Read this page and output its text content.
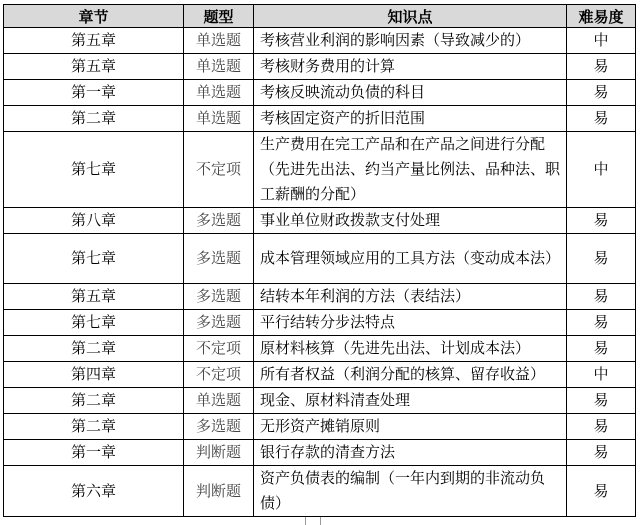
章节	题型	知识点	难易度
第五章	单选题	考核营业利润的影响因素（导致减少的）	中
第五章	单选题	考核财务费用的计算	易
第一章	单选题	考核反映流动负债的科目	易
第二章	单选题	考核固定资产的折旧范围	易
第七章	不定项	生产费用在完工产品和在产品之间进行分配（先进先出法、约当产量比例法、品种法、职工薪酬的分配）	中
第八章	多选题	事业单位财政拨款支付处理	易
第七章	多选题	成本管理领域应用的工具方法（变动成本法）	易
第五章	多选题	结转本年利润的方法（表结法）	易
第七章	多选题	平行结转分步法特点	易
第二章	不定项	原材料核算（先进先出法、计划成本法）	易
第四章	不定项	所有者权益（利润分配的核算、留存收益）	中
第二章	单选题	现金、原材料清查处理	易
第二章	多选题	无形资产摊销原则	易
第一章	判断题	银行存款的清查方法	易
第六章	判断题	资产负债表的编制（一年内到期的非流动负债）	易
